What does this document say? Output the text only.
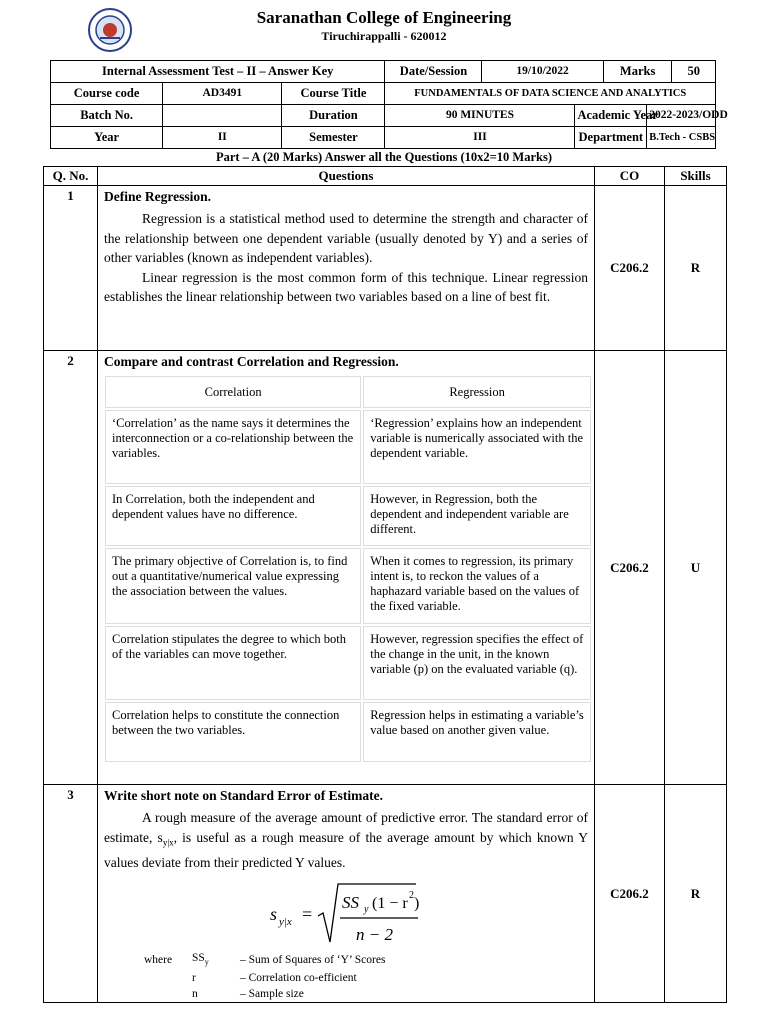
Saranathan College of Engineering
Tiruchirappalli - 620012
Internal Assessment Test – II – Answer Key			Date/Session	19/10/2022		Marks		50
Course code	AD3491	Course Title	FUNDAMENTALS OF DATA SCIENCE AND ANALYTICS					
Batch No.		Duration	90 MINUTES		Academic Year		2022-2023/ODD	
Year	II	Semester	III		Department		B.Tech - CSBS	
Part – A (20 Marks) Answer all the Questions (10x2=10 Marks)
Q. No.	Questions	CO	Skills
1	Define Regression.

Regression is a statistical method used to determine the strength and character of the relationship between one dependent variable (usually denoted by Y) and a series of other variables (known as independent variables).

Linear regression is the most common form of this technique. Linear regression establishes the linear relationship between two variables based on a line of best fit.

	C206.2	R
2	Compare and contrast Correlation and Regression.
Correlation	Regression
‘Correlation’ as the name says it determines the interconnection or a co-relationship between the variables.	‘Regression’ explains how an independent variable is numerically associated with the dependent variable.
In Correlation, both the independent and dependent values have no difference.	However, in Regression, both the dependent and independent variable are different.
The primary objective of Correlation is, to find out a quantitative/numerical value expressing the association between the values.	When it comes to regression, its primary intent is, to reckon the values of a haphazard variable based on the values of the fixed variable.
Correlation stipulates the degree to which both of the variables can move together.	However, regression specifies the effect of the change in the unit, in the known variable (p) on the evaluated variable (q).
Correlation helps to constitute the connection between the two variables.	Regression helps in estimating a variable’s value based on another given value.
	C206.2	U
3	Write short note on Standard Error of Estimate.

A rough measure of the average amount of predictive error. The standard error of estimate, $s_{y|x}$, is useful as a rough measure of the average amount by which known Y values deviate from their predicted Y values.

s y|x =
SS y (1 − r 2 )
n − 2
where	$SS_y$	– Sum of Squares of ‘Y’ Scores
	r	– Correlation co-efficient
	n	– Sample size
	C206.2	R
